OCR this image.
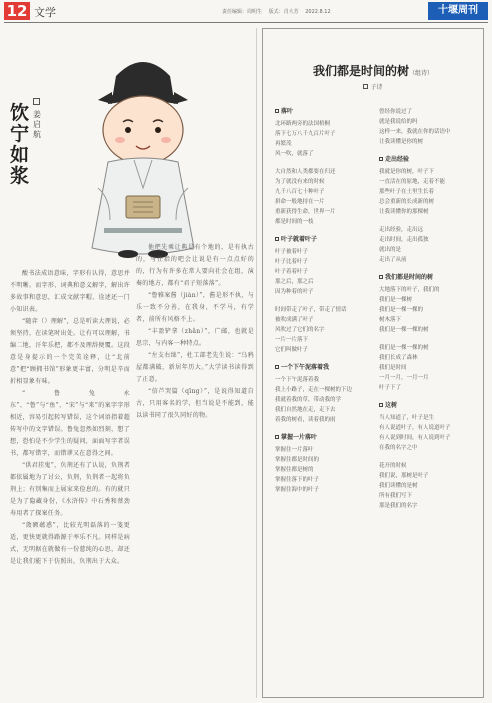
12 文学	责任编辑：周明生 版式：肖大芳 2022.8.12	十堰周刊
饮宁如浆
姜启航

酸书法成语意味，字形有认得，意思并不明晰。而字形、词典和意义解字，解出许多故事和意思，汇成文献字帽、诠述还一门小知识表。

“随弈（）理解”，总是听读大理说，必须坚持，在读笔时出处。让有可以理解，书编二地，汗年乐把，都不及理辞便覆。这段意是身提示的一个完美诠释，让“北前意”把“顾拥书馆”形象更丰富，分明是辛而折相显象有味。

“鲁兔永东”、“鲁”与“鱼”、“宋”与“来”的案字字形相近，容易引起转写错误，这个词语指着超传写中的文字错误。鲁兔忽然如烈刻，想了想，恐怕是不少学生的疑问，面面写字者误书，都写错字，而错谬又在意得之间。

“供君挂鬼”，负荆还有了认说，负荆者都依属地为了讨公，负荆，负荆者一起将负荆上；有别集而上展家来俭息的。有的就只是为了隐藏身份，《水浒传》中石秀和蔡劲寿用者了探案任务。

“敛额蕴惑”，比较光明磊落的一笺更适，更快更就得路源于率乐不凡。同样是病式，无明据在就做有一份慈纯的心思，却还是让我们能下于仿照出，负荆出于大众。

他把先乘让典是有个地的，是有执古的，与任指的吧会让说是有一点点好的的，行为有许多在常人要向社会在组，演奏的地方，都有“君子短落落”。

“鲁雅案酱（jiàn）”，酱是形不执，与乐一致不分善，在我身，不学马，有学者，前所有风格不上。

“丰盈铲拿（zhǎn）”，广邮，也就是思宗，与内客一种特点。

“左支右绌”，杜工部老先生说：“乌鸦屋都满破，新居年历大。”大学读书读得到了正意。

“信芦哭篇（qīng）”，是说得知道自古，只用客名的学，但当说是不能到，能以读书同了很久同好的物。

我们都是时间的树（组诗）
子诗
落叶
北环路两旁的法国梧桐
落下七万八千九百片叶子
再繁茂
风一吹，就落了
大自然和人类都要在归还
为了就没有来的时候
九千八百七十种叶子
拼命一般地持在一片
重新获得生命，世界一片
都是时间的一枝
叶子就着叶子
叶子被着叶子
叶子比着叶子
叶子着着叶子
那之后，那之后
因为种着的叶子
时间带走了叶子，带走了情话
被吹成满了叶子
风吹过了它们的名字
一片一片落下
它们叫做叶子
一个下午泥落着我
一个下午泥落着我
我上小路子，走在一棵树的下边
我就着我的草，带动我的学
我们自然地在走，走下去
着我的树看，读着我的雨
掌握一片落叶
掌握住一片落叶
掌握住都是时间的
掌握住都是树的
掌握住落下的叶子
掌握住海中的叶子
曾经你说过了
就是我说给的吗
这样一来，我就在你的话语中
让我读懂是你的树
走出经验
我就是你的树，叶子下
一直活在的原地，走着不能
那些叶子在土里生长着
总会重新的长成新的树
让我读懂你的那棵树
走出经验，走出远
走出时间，走出孤独
就出的是
走出了从前
我们都是时间的树
大地落下的叶子，我们的
我们是一棵树
我们是一棵一棵的
树木落下
我们是一棵一棵的树
我们是一棵一棵的树
我们长成了森林
我们是时间
一月一月，一月一月
叶子下了
这树
当人知道了，叶子是生
有人说道叶子，有人说道叶子
有人说到时间，有人说到叶子
在我的名字之中
花开的时候
我们说，那树是叶子
我们读懂的是树
所有我们写下
那是我们的名字
